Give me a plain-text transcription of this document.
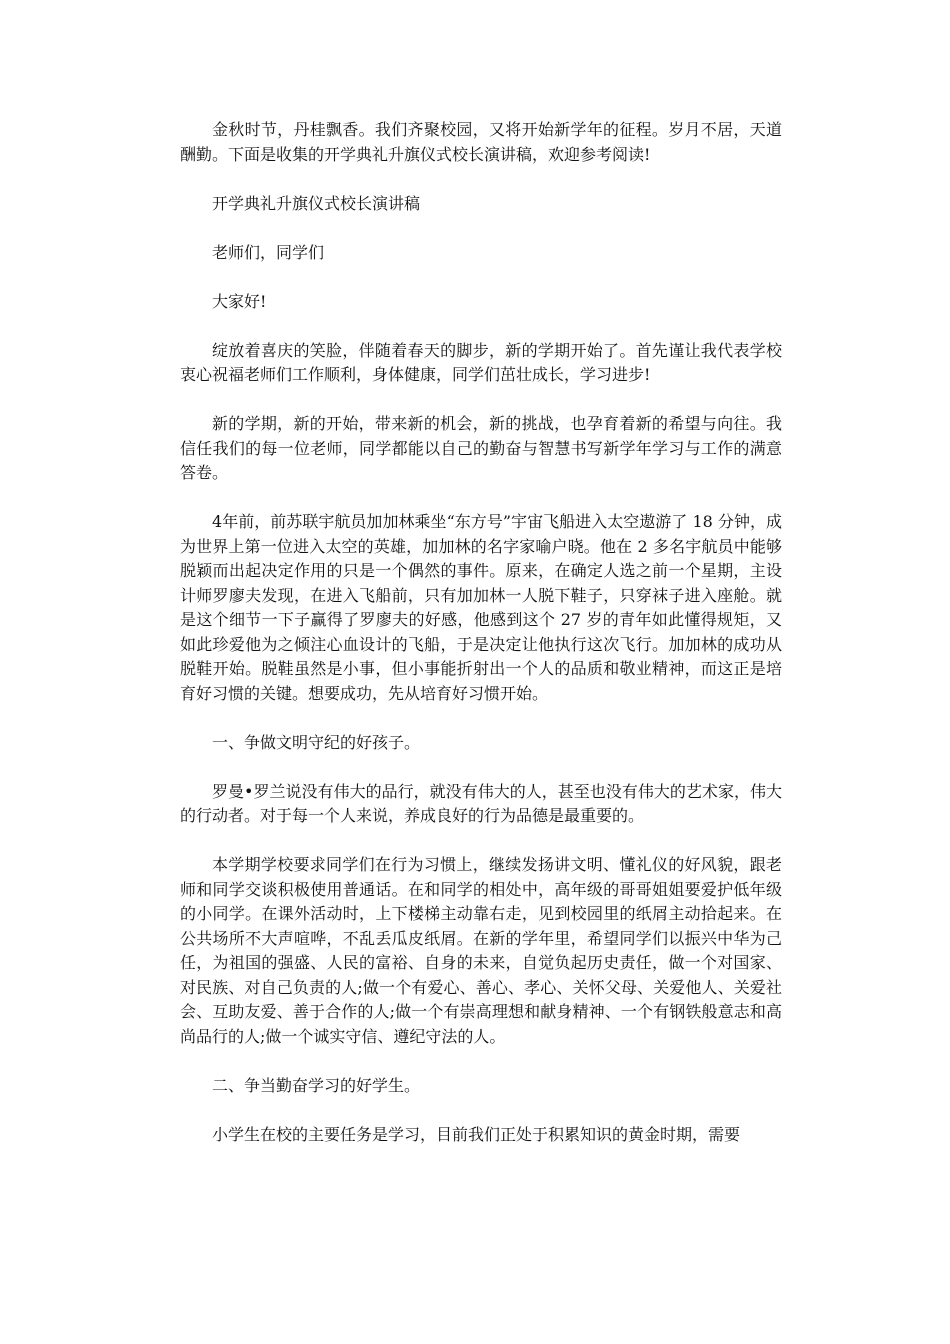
金秋时节，丹桂飘香。我们齐聚校园，又将开始新学年的征程。岁月不居，天道酬勤。下面是收集的开学典礼升旗仪式校长演讲稿，欢迎参考阅读!

开学典礼升旗仪式校长演讲稿

老师们，同学们

大家好!

绽放着喜庆的笑脸，伴随着春天的脚步，新的学期开始了。首先谨让我代表学校衷心祝福老师们工作顺利，身体健康，同学们茁壮成长，学习进步!

新的学期，新的开始，带来新的机会，新的挑战，也孕育着新的希望与向往。我信任我们的每一位老师，同学都能以自己的勤奋与智慧书写新学年学习与工作的满意答卷。

4年前，前苏联宇航员加加林乘坐“东方号”宇宙飞船进入太空遨游了 18 分钟，成为世界上第一位进入太空的英雄，加加林的名字家喻户晓。他在 2 多名宇航员中能够脱颖而出起决定作用的只是一个偶然的事件。原来，在确定人选之前一个星期，主设计师罗廖夫发现，在进入飞船前，只有加加林一人脱下鞋子，只穿袜子进入座舱。就是这个细节一下子赢得了罗廖夫的好感，他感到这个 27 岁的青年如此懂得规矩，又如此珍爱他为之倾注心血设计的飞船，于是决定让他执行这次飞行。加加林的成功从脱鞋开始。脱鞋虽然是小事，但小事能折射出一个人的品质和敬业精神，而这正是培育好习惯的关键。想要成功，先从培育好习惯开始。

一、争做文明守纪的好孩子。

罗曼•罗兰说没有伟大的品行，就没有伟大的人，甚至也没有伟大的艺术家，伟大的行动者。对于每一个人来说，养成良好的行为品德是最重要的。

本学期学校要求同学们在行为习惯上，继续发扬讲文明、懂礼仪的好风貌，跟老师和同学交谈积极使用普通话。在和同学的相处中，高年级的哥哥姐姐要爱护低年级的小同学。在课外活动时，上下楼梯主动靠右走，见到校园里的纸屑主动拾起来。在公共场所不大声喧哗，不乱丢瓜皮纸屑。在新的学年里，希望同学们以振兴中华为己任，为祖国的强盛、人民的富裕、自身的未来，自觉负起历史责任，做一个对国家、对民族、对自己负责的人;做一个有爱心、善心、孝心、关怀父母、关爱他人、关爱社会、互助友爱、善于合作的人;做一个有崇高理想和献身精神、一个有钢铁般意志和高尚品行的人;做一个诚实守信、遵纪守法的人。

二、争当勤奋学习的好学生。

小学生在校的主要任务是学习，目前我们正处于积累知识的黄金时期，需要
